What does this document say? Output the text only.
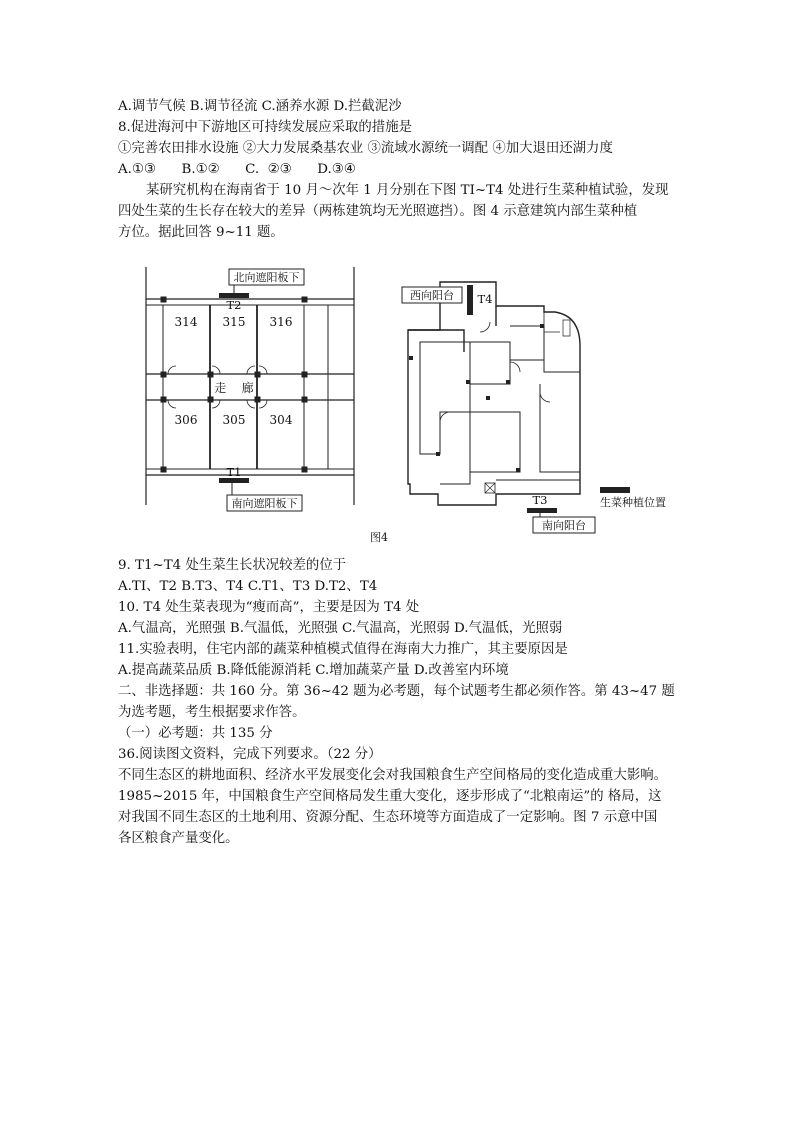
A.调节气候 B.调节径流 C.涵养水源 D.拦截泥沙
8.促进海河中下游地区可持续发展应采取的措施是
①完善农田排水设施 ②大力发展桑基农业 ③流域水源统一调配 ④加大退田还湖力度
A.①③      B.①②      C.  ②③      D.③④
某研究机构在海南省于 10 月～次年 1 月分别在下图 TI~T4 处进行生菜种植试验，发现
四处生菜的生长存在较大的差异（两栋建筑均无光照遮挡）。图 4 示意建筑内部生菜种植
方位。据此回答 9~11 题。
北向遮阳板下
T2
T1
南向遮阳板下
314 315 316
走    廊
306 305 304
西向阳台 T4
T3
南向阳台
生菜种植位置
图4
9. T1~T4 处生菜生长状况较差的位于
A.TI、T2 B.T3、T4 C.T1、T3 D.T2、T4
10. T4 处生菜表现为“瘦而高”，主要是因为 T4 处
A.气温高，光照强 B.气温低，光照强 C.气温高，光照弱 D.气温低，光照弱
11.实验表明，住宅内部的蔬菜种植模式值得在海南大力推广，其主要原因是
A.提高蔬菜品质 B.降低能源消耗 C.增加蔬菜产量 D.改善室内环境
二、非选择题：共 160 分。第 36~42 题为必考题，每个试题考生都必须作答。第 43~47 题
为选考题，考生根据要求作答。
（一）必考题：共 135 分
36.阅读图文资料，完成下列要求。（22 分）
不同生态区的耕地面积、经济水平发展变化会对我国粮食生产空间格局的变化造成重大影响。
1985~2015 年，中国粮食生产空间格局发生重大变化，逐步形成了“北粮南运”的 格局，这
对我国不同生态区的土地利用、资源分配、生态环境等方面造成了一定影响。图 7 示意中国
各区粮食产量变化。
